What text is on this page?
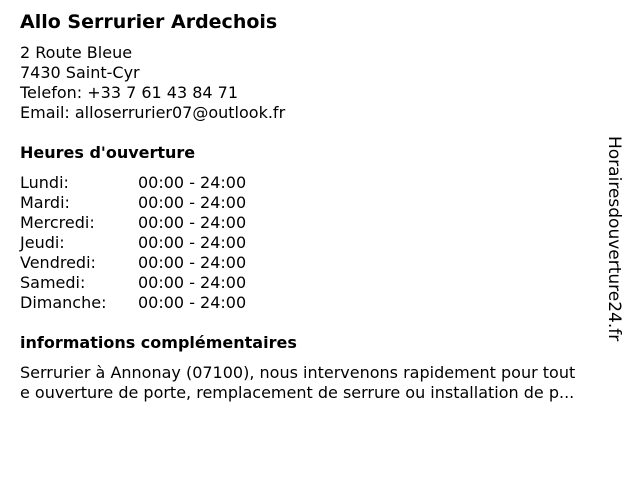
Allo Serrurier Ardechois
2 Route Bleue
7430 Saint-Cyr
Telefon: +33 7 61 43 84 71
Email: alloserrurier07@outlook.fr
Heures d'ouverture
Lundi:	00:00 - 24:00
Mardi:	00:00 - 24:00
Mercredi:	00:00 - 24:00
Jeudi:	00:00 - 24:00
Vendredi:	00:00 - 24:00
Samedi:	00:00 - 24:00
Dimanche:	00:00 - 24:00
informations complémentaires
Serrurier à Annonay (07100), nous intervenons rapidement pour tout
e ouverture de porte, remplacement de serrure ou installation de p...
Horairesdouverture24.fr
